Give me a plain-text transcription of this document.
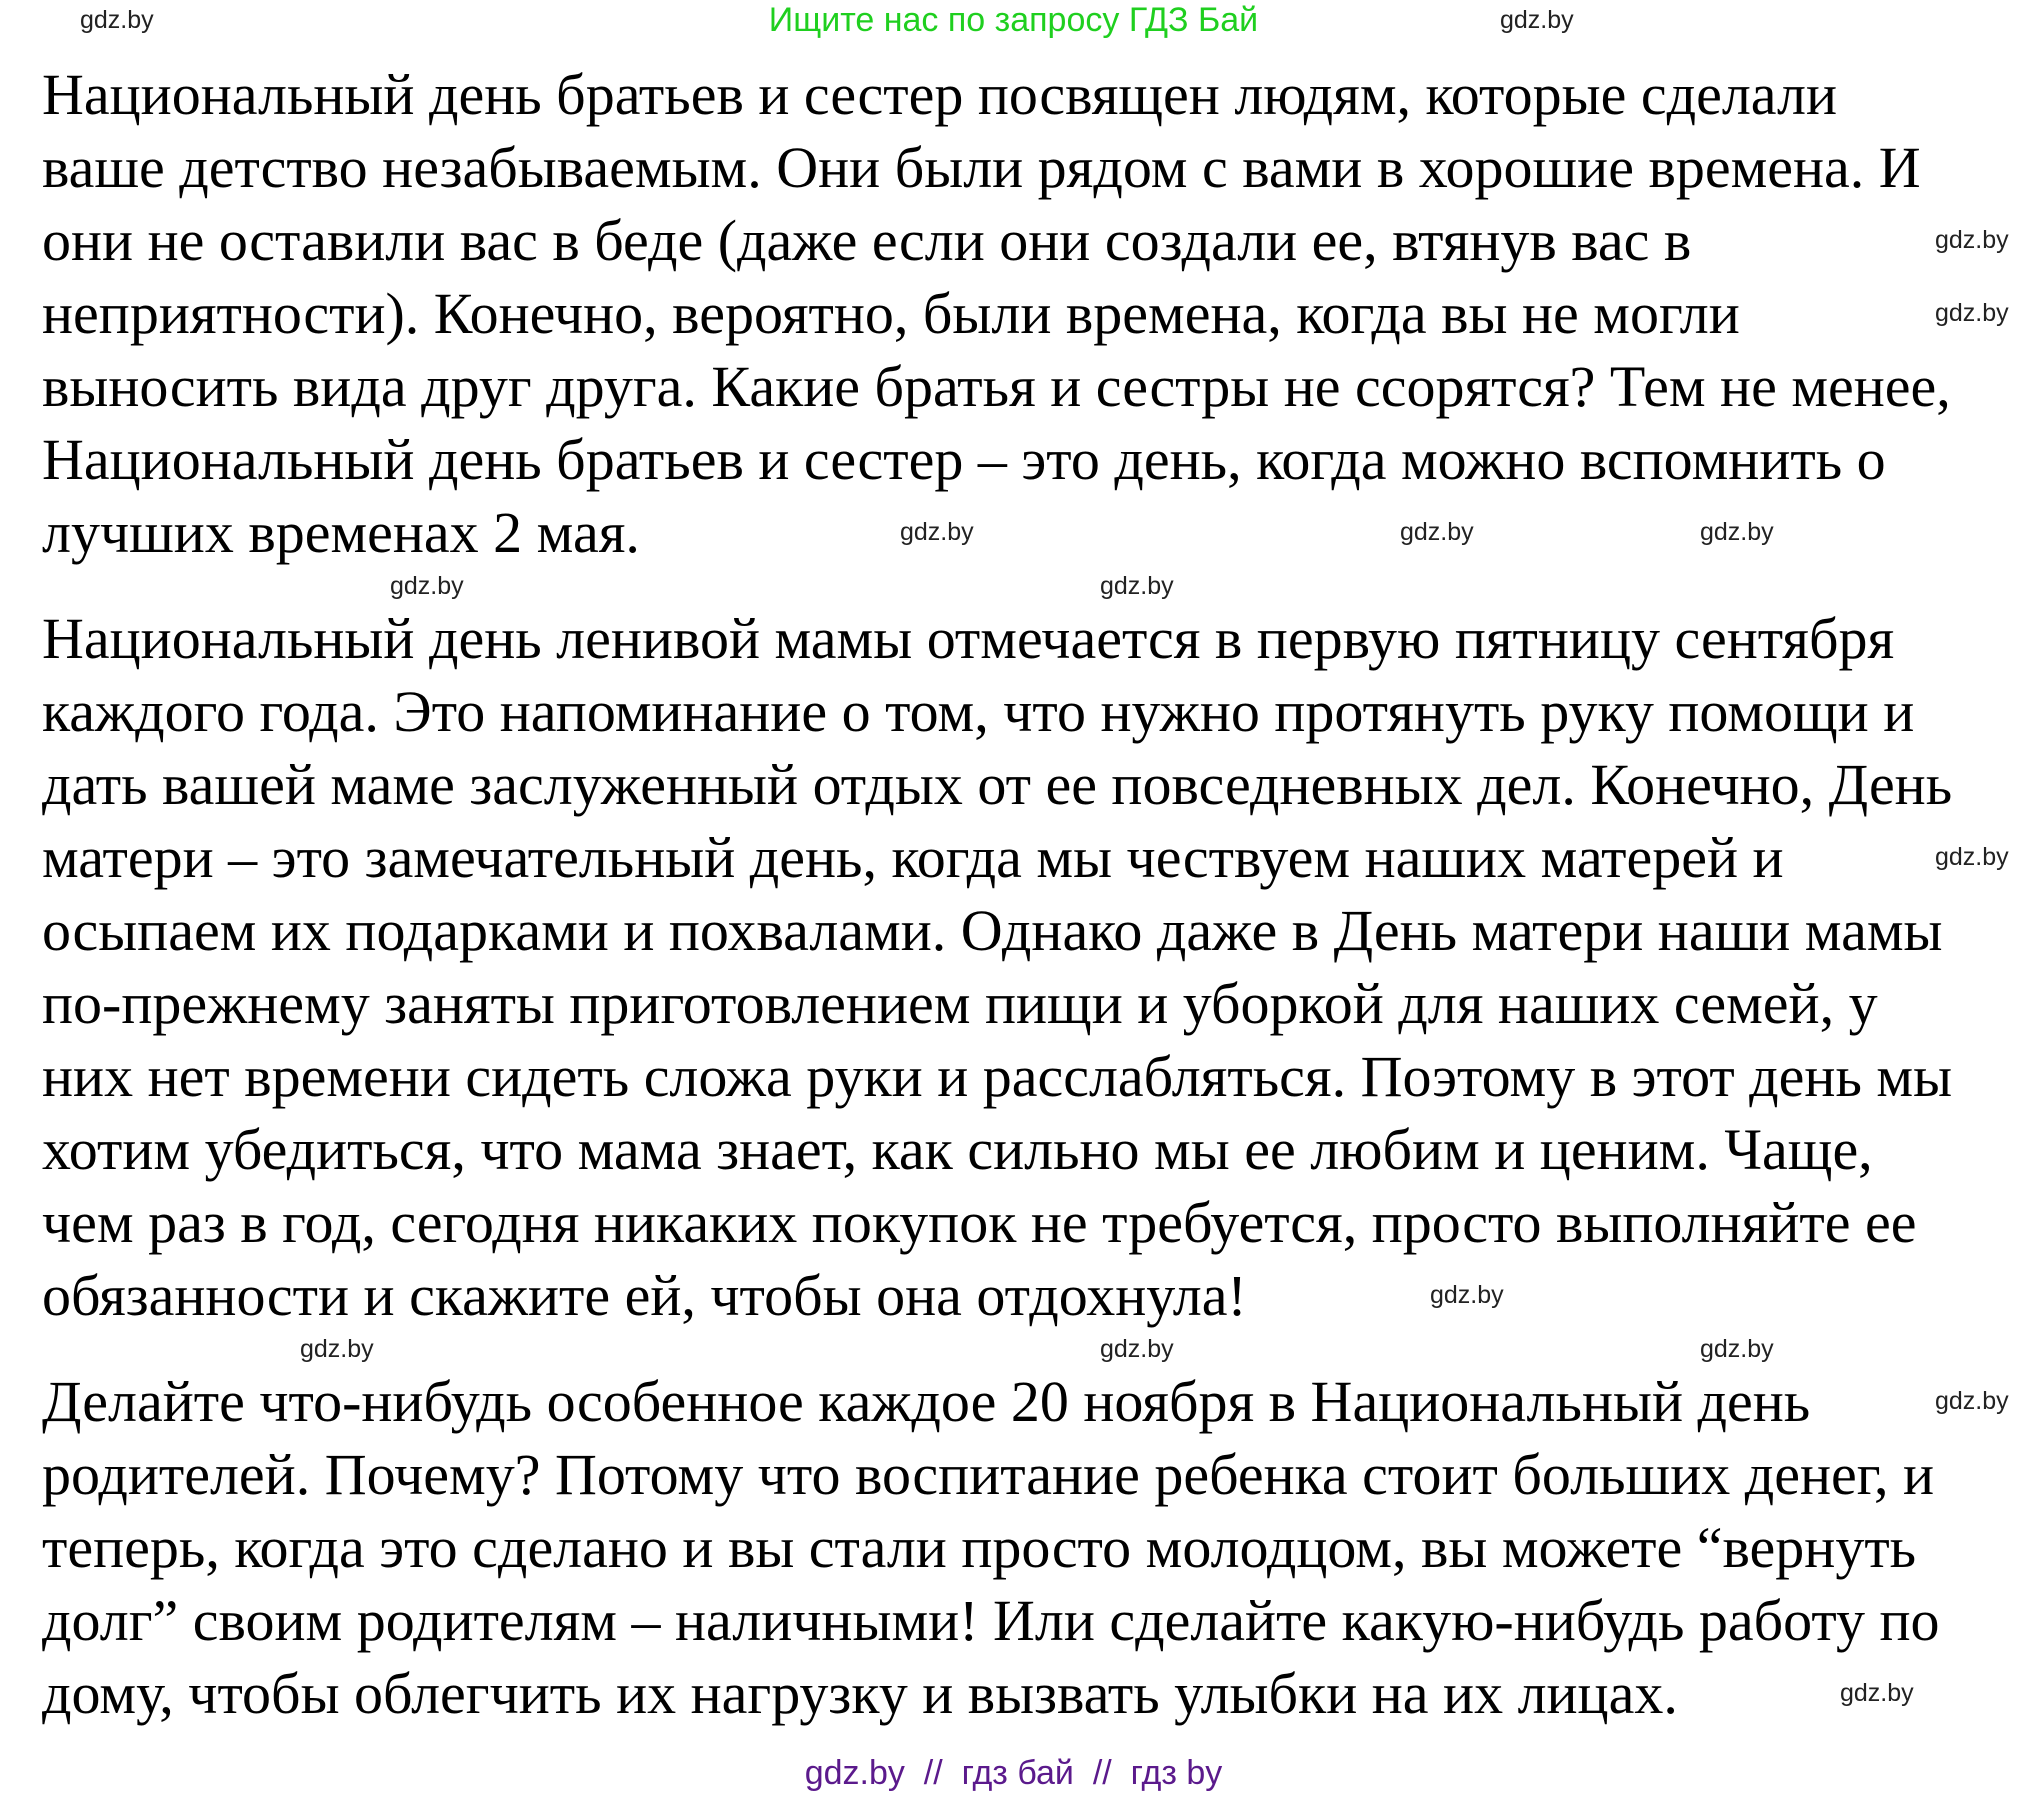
Ищите нас по запросу ГДЗ Бай
Национальный день братьев и сестер посвящен людям, которые сделали
ваше детство незабываемым. Они были рядом с вами в хорошие времена. И
они не оставили вас в беде (даже если они создали ее, втянув вас в
неприятности). Конечно, вероятно, были времена, когда вы не могли
выносить вида друг друга. Какие братья и сестры не ссорятся? Тем не менее,
Национальный день братьев и сестер – это день, когда можно вспомнить о
лучших временах 2 мая.
Национальный день ленивой мамы отмечается в первую пятницу сентября
каждого года. Это напоминание о том, что нужно протянуть руку помощи и
дать вашей маме заслуженный отдых от ее повседневных дел. Конечно, День
матери – это замечательный день, когда мы чествуем наших матерей и
осыпаем их подарками и похвалами. Однако даже в День матери наши мамы
по-прежнему заняты приготовлением пищи и уборкой для наших семей, у
них нет времени сидеть сложа руки и расслабляться. Поэтому в этот день мы
хотим убедиться, что мама знает, как сильно мы ее любим и ценим. Чаще,
чем раз в год, сегодня никаких покупок не требуется, просто выполняйте ее
обязанности и скажите ей, чтобы она отдохнула!
Делайте что-нибудь особенное каждое 20 ноября в Национальный день
родителей. Почему? Потому что воспитание ребенка стоит больших денег, и
теперь, когда это сделано и вы стали просто молодцом, вы можете “вернуть
долг” своим родителям – наличными! Или сделайте какую-нибудь работу по
дому, чтобы облегчить их нагрузку и вызвать улыбки на их лицах.
gdz.by	gdz.by
gdz.by
gdz.by
gdz.by	gdz.by	gdz.by
gdz.by	gdz.by
gdz.by
gdz.by
gdz.by	gdz.by	gdz.by
gdz.by
gdz.by
gdz.by  //  гдз бай  //  гдз by
